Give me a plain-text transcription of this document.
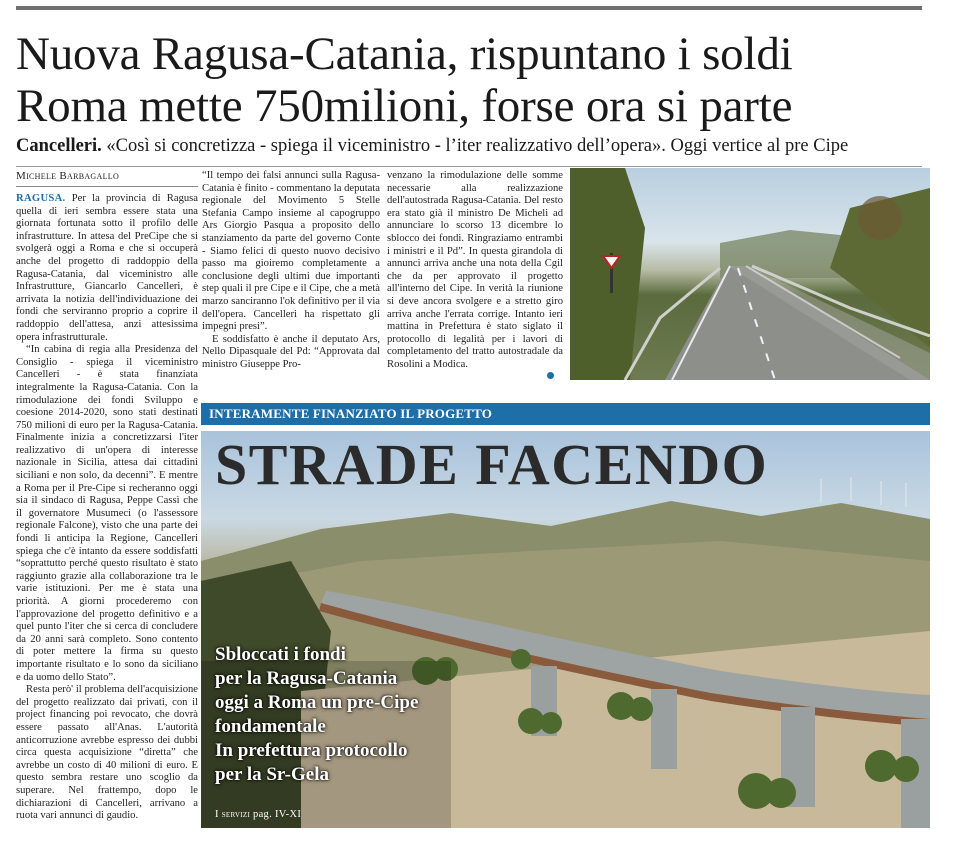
Nuova Ragusa-Catania, rispuntano i soldi
Roma mette 750milioni, forse ora si parte
Cancelleri. «Così si concretizza - spiega il viceministro - l’iter realizzativo dell’opera». Oggi vertice al pre Cipe
Michele Barbagallo

RAGUSA. Per la provincia di Ragusa quella di ieri sembra essere stata una giornata fortunata sotto il profilo delle infrastrutture. In attesa del PreCipe che si svolgerà oggi a Roma e che si occuperà anche del progetto di raddoppio della Ragusa-Catania, dal viceministro alle Infrastrutture, Giancarlo Cancelleri, è arrivata la notizia dell'individuazione dei fondi che serviranno proprio a coprire il raddoppio dell'attesa, anzi attesissima opera infrastrutturale.

“In cabina di regia alla Presidenza del Consiglio - spiega il viceministro Cancelleri - è stata finanziata integralmente la Ragusa-Catania. Con la rimodulazione dei fondi Sviluppo e coesione 2014-2020, sono stati destinati 750 milioni di euro per la Ragusa-Catania. Finalmente inizia a concretizzarsi l'iter realizzativo di un'opera di interesse nazionale in Sicilia, attesa dai cittadini siciliani e non solo, da decenni”. E mentre a Roma per il Pre-Cipe si recheranno oggi sia il sindaco di Ragusa, Peppe Cassì che il governatore Musumeci (o l'assessore regionale Falcone), visto che una parte dei fondi li anticipa la Regione, Cancelleri spiega che c'è intanto da essere soddisfatti “soprattutto perché questo risultato è stato raggiunto grazie alla collaborazione tra le varie istituzioni. Per me è stata una priorità. A giorni procederemo con l'approvazione del progetto definitivo e a quel punto l'iter che si cerca di concludere da 20 anni sarà completo. Sono contento di poter mettere la firma su questo importante risultato e lo sono da siciliano e da uomo dello Stato”.

Resta però' il problema dell'acquisizione del progetto realizzato dai privati, con il project financing poi revocato, che dovrà essere passato all'Anas. L'autorità anticorruzione avrebbe espresso dei dubbi circa questa acquisizione “diretta” che avrebbe un costo di 40 milioni di euro. E questo sembra restare uno scoglio da superare. Nel frattempo, dopo le dichiarazioni di Cancelleri, arrivano a ruota vari annunci di gaudio.

“Il tempo dei falsi annunci sulla Ragusa-Catania è finito - commentano la deputata regionale del Movimento 5 Stelle Stefania Campo insieme al capogruppo Ars Giorgio Pasqua a proposito dello stanziamento da parte del governo Conte - Siamo felici di questo nuovo decisivo passo ma gioiremo completamente a conclusione degli ultimi due importanti step quali il pre Cipe e il Cipe, che a metà marzo sanciranno l'ok definitivo per il via dell'opera. Cancelleri ha rispettato gli impegni presi”.

E soddisfatto è anche il deputato Ars, Nello Dipasquale del Pd: “Approvata dal ministro Giuseppe Pro-

venzano la rimodulazione delle somme necessarie alla realizzazione dell'autostrada Ragusa-Catania. Del resto era stato già il ministro De Micheli ad annunciare lo scorso 13 dicembre lo sblocco dei fondi. Ringraziamo entrambi i ministri e il Pd”. In questa girandola di annunci arriva anche una nota della Cgil che da per approvato il progetto all'interno del Cipe. In verità la riunione si deve ancora svolgere e a stretto giro arriva anche l'errata corrige. Intanto ieri mattina in Prefettura è stato siglato il protocollo di legalità per i lavori di completamento del tratto autostradale da Rosolini a Modica.

INTERAMENTE FINANZIATO IL PROGETTO
STRADE FACENDO
Sbloccati i fondi
per la Ragusa-Catania
oggi a Roma un pre-Cipe
fondamentale
In prefettura protocollo
per la Sr-Gela
I servizi pag. IV-XI
